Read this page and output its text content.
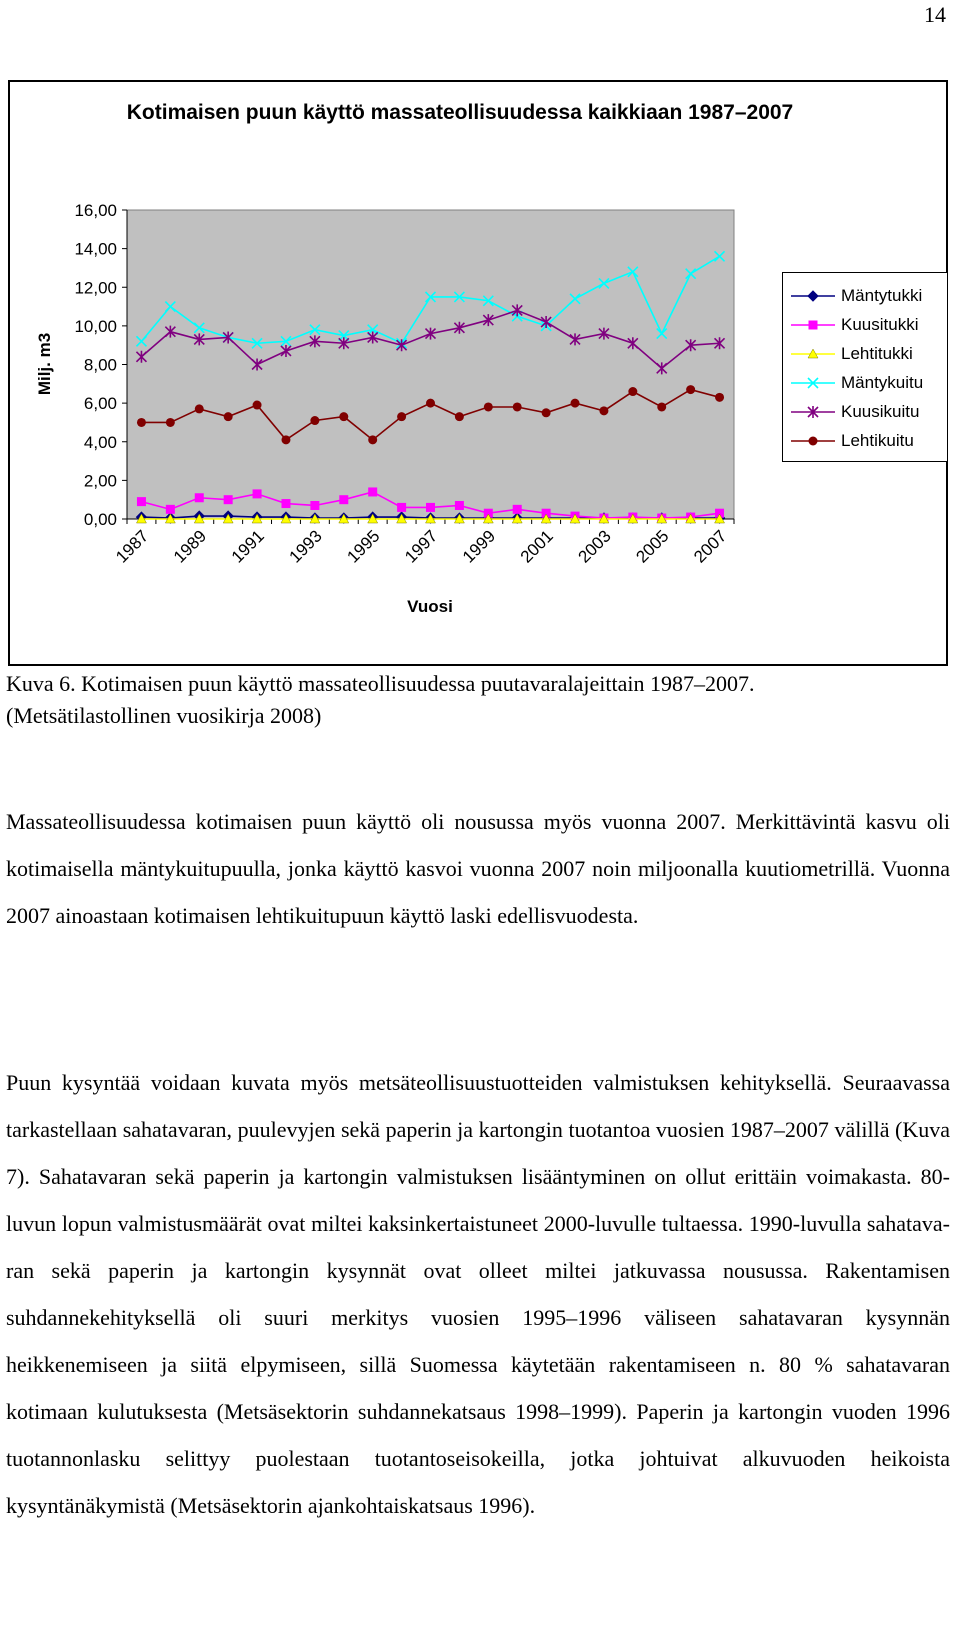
14
Kotimaisen puun käyttö massateollisuudessa kaikkiaan 1987–2007
0,00
2,00
4,00
6,00
8,00
10,00
12,00
14,00
16,00
Milj. m3
1987 1989 1991 1993 1995 1997 1999 2001 2003 2005 2007
Vuosi
Mäntytukki
Kuusitukki
Lehtitukki
Mäntykuitu
Kuusikuitu
Lehtikuitu
Kuva 6. Kotimaisen puun käyttö massateollisuudessa puutavaralajeittain 1987–2007.
(Metsätilastollinen vuosikirja 2008)
Massateollisuudessa kotimaisen puun käyttö oli nousussa myös vuonna 2007. Merkittävintä kasvu oli kotimaisella mäntykuitupuulla, jonka käyttö kasvoi vuonna 2007 noin miljoonalla kuutiometrillä. Vuonna 2007 ainoastaan kotimaisen lehtikuitupuun käyttö laski edellisvuodesta.
Puun kysyntää voidaan kuvata myös metsäteollisuustuotteiden valmistuksen kehityksellä. Seuraavassa tarkastellaan sahatavaran, puulevyjen sekä paperin ja kartongin tuotantoa vuosien 1987–2007 välillä (Kuva 7). Sahatavaran sekä paperin ja kartongin valmistuksen lisääntyminen on ollut erittäin voimakasta. 80-luvun lopun valmistusmäärät ovat miltei kaksinkertaistuneet 2000-luvulle tultaessa. 1990-luvulla sahatavaran sekä paperin ja kartongin kysynnät ovat olleet miltei jatkuvassa nousussa. Rakentamisen suhdannekehityksellä oli suuri merkitys vuosien 1995–1996 väliseen sahatavaran kysynnän heikkenemiseen ja siitä elpymiseen, sillä Suomessa käytetään rakentamiseen n. 80 % sahatavaran kotimaan kulutuksesta (Metsäsektorin suhdannekatsaus 1998–1999). Paperin ja kartongin vuoden 1996 tuotannonlasku selittyy puolestaan tuotantoseisokeilla, jotka johtuivat alkuvuoden heikoista kysyntänäkymistä (Metsäsektorin ajankohtaiskatsaus 1996).
